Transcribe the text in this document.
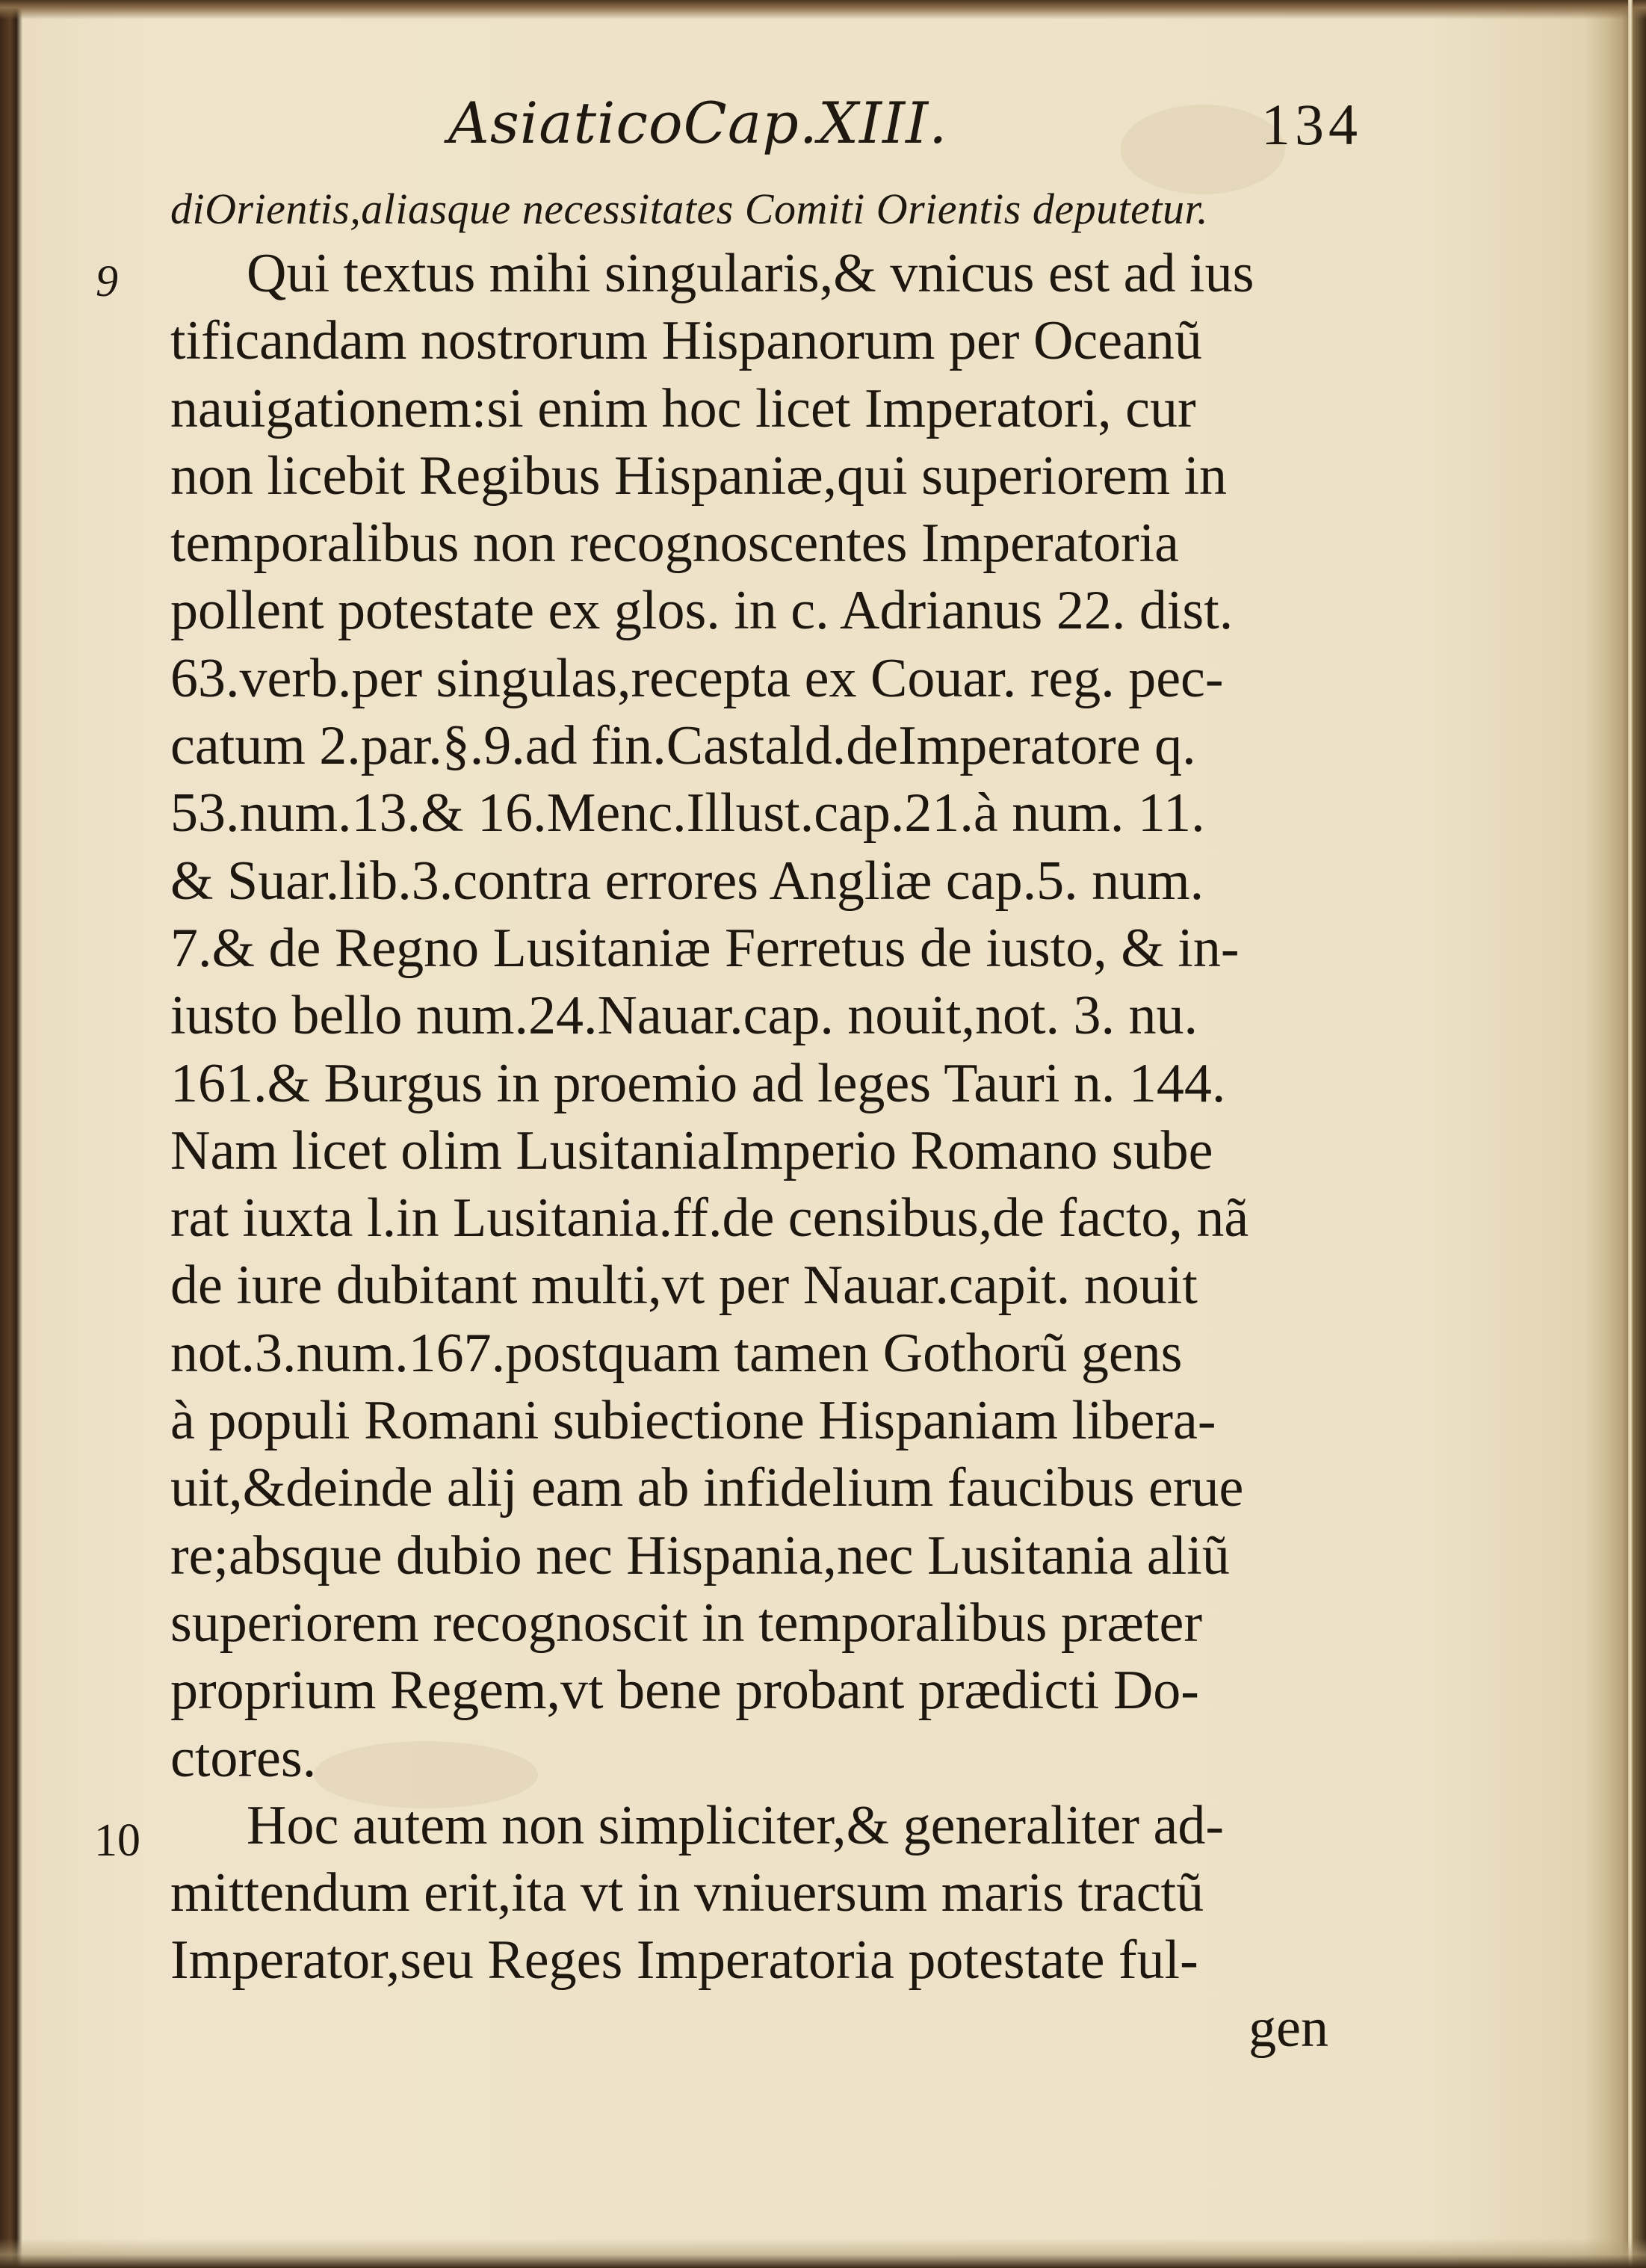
AsiaticoCap.XIII.	134
9
10
diOrientis,aliasque necessitates Comiti Orientis deputetur.
Qui textus mihi singularis,& vnicus est ad ius
tificandam nostrorum Hispanorum per Oceanũ
nauigationem:si enim hoc licet Imperatori, cur
non licebit Regibus Hispaniæ,qui superiorem in
temporalibus non recognoscentes Imperatoria
pollent potestate ex glos. in c. Adrianus 22. dist.
63.verb.per singulas,recepta ex Couar. reg. pec-
catum 2.par.§.9.ad fin.Castald.deImperatore q.
53.num.13.& 16.Menc.Illust.cap.21.à num. 11.
& Suar.lib.3.contra errores Angliæ cap.5. num.
7.& de Regno Lusitaniæ Ferretus de iusto, & in-
iusto bello num.24.Nauar.cap. nouit,not. 3. nu.
161.& Burgus in proemio ad leges Tauri n. 144.
Nam licet olim LusitaniaImperio Romano sube
rat iuxta l.in Lusitania.ff.de censibus,de facto, nã
de iure dubitant multi,vt per Nauar.capit. nouit
not.3.num.167.postquam tamen Gothorũ gens
à populi Romani subiectione Hispaniam libera-
uit,&deinde alij eam ab infidelium faucibus erue
re;absque dubio nec Hispania,nec Lusitania aliũ
superiorem recognoscit in temporalibus præter
proprium Regem,vt bene probant prædicti Do-
ctores.
Hoc autem non simpliciter,& generaliter ad-
mittendum erit,ita vt in vniuersum maris tractũ
Imperator,seu Reges Imperatoria potestate ful-
gen
